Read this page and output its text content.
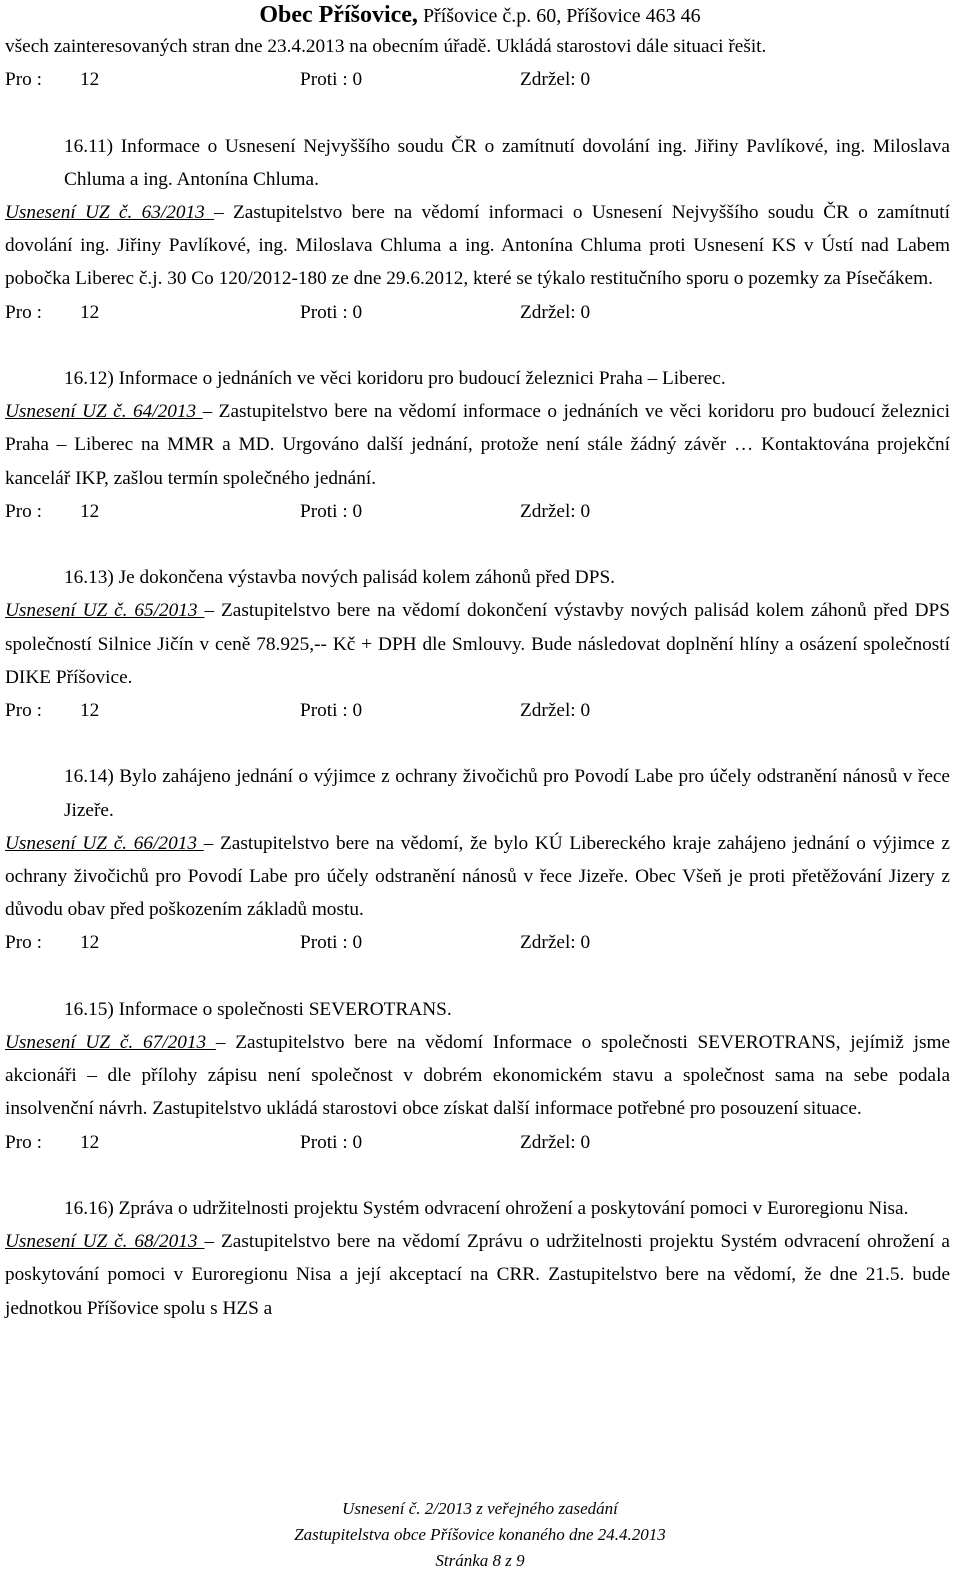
Obec Příšovice, Příšovice č.p. 60, Příšovice 463 46

všech zainteresovaných stran dne 23.4.2013 na obecním úřadě. Ukládá starostovi dále situaci řešit.

Pro : 12	Proti : 0	Zdržel: 0

16.11) Informace o Usnesení Nejvyššího soudu ČR o zamítnutí dovolání ing. Jiřiny Pavlíkové, ing. Miloslava Chluma a ing. Antonína Chluma.

Usnesení UZ č. 63/2013 – Zastupitelstvo bere na vědomí informaci o Usnesení Nejvyššího soudu ČR o zamítnutí dovolání ing. Jiřiny Pavlíkové, ing. Miloslava Chluma a ing. Antonína Chluma proti Usnesení KS v Ústí nad Labem pobočka Liberec č.j. 30 Co 120/2012-180 ze dne 29.6.2012, které se týkalo restitučního sporu o pozemky za Písečákem.

Pro : 12	Proti : 0	Zdržel: 0

16.12) Informace o jednáních ve věci koridoru pro budoucí železnici Praha – Liberec.

Usnesení UZ č. 64/2013 – Zastupitelstvo bere na vědomí informace o jednáních ve věci koridoru pro budoucí železnici Praha – Liberec na MMR a MD. Urgováno další jednání, protože není stále žádný závěr … Kontaktována projekční kancelář IKP, zašlou termín společného jednání.

Pro : 12	Proti : 0	Zdržel: 0

16.13) Je dokončena výstavba nových palisád kolem záhonů před DPS.

Usnesení UZ č. 65/2013 – Zastupitelstvo bere na vědomí dokončení výstavby nových palisád kolem záhonů před DPS společností Silnice Jičín v ceně 78.925,-- Kč + DPH dle Smlouvy. Bude následovat doplnění hlíny a osázení společností DIKE Příšovice.

Pro : 12	Proti : 0	Zdržel: 0

16.14) Bylo zahájeno jednání o výjimce z ochrany živočichů pro Povodí Labe pro účely odstranění nánosů v řece Jizeře.

Usnesení UZ č. 66/2013 – Zastupitelstvo bere na vědomí, že bylo KÚ Libereckého kraje zahájeno jednání o výjimce z ochrany živočichů pro Povodí Labe pro účely odstranění nánosů v řece Jizeře. Obec Všeň je proti přetěžování Jizery z důvodu obav před poškozením základů mostu.

Pro : 12	Proti : 0	Zdržel: 0

16.15) Informace o společnosti SEVEROTRANS.

Usnesení UZ č. 67/2013 – Zastupitelstvo bere na vědomí Informace o společnosti SEVEROTRANS, jejímiž jsme akcionáři – dle přílohy zápisu není společnost v dobrém ekonomickém stavu a společnost sama na sebe podala insolvenční návrh. Zastupitelstvo ukládá starostovi obce získat další informace potřebné pro posouzení situace.

Pro : 12	Proti : 0	Zdržel: 0

16.16) Zpráva o udržitelnosti projektu Systém odvracení ohrožení a poskytování pomoci v Euroregionu Nisa.

Usnesení UZ č. 68/2013 – Zastupitelstvo bere na vědomí Zprávu o udržitelnosti projektu Systém odvracení ohrožení a poskytování pomoci v Euroregionu Nisa a její akceptací na CRR. Zastupitelstvo bere na vědomí, že dne 21.5. bude jednotkou Příšovice spolu s HZS a

Usnesení č. 2/2013 z veřejného zasedání
Zastupitelstva obce Příšovice konaného dne 24.4.2013
Stránka 8 z 9
